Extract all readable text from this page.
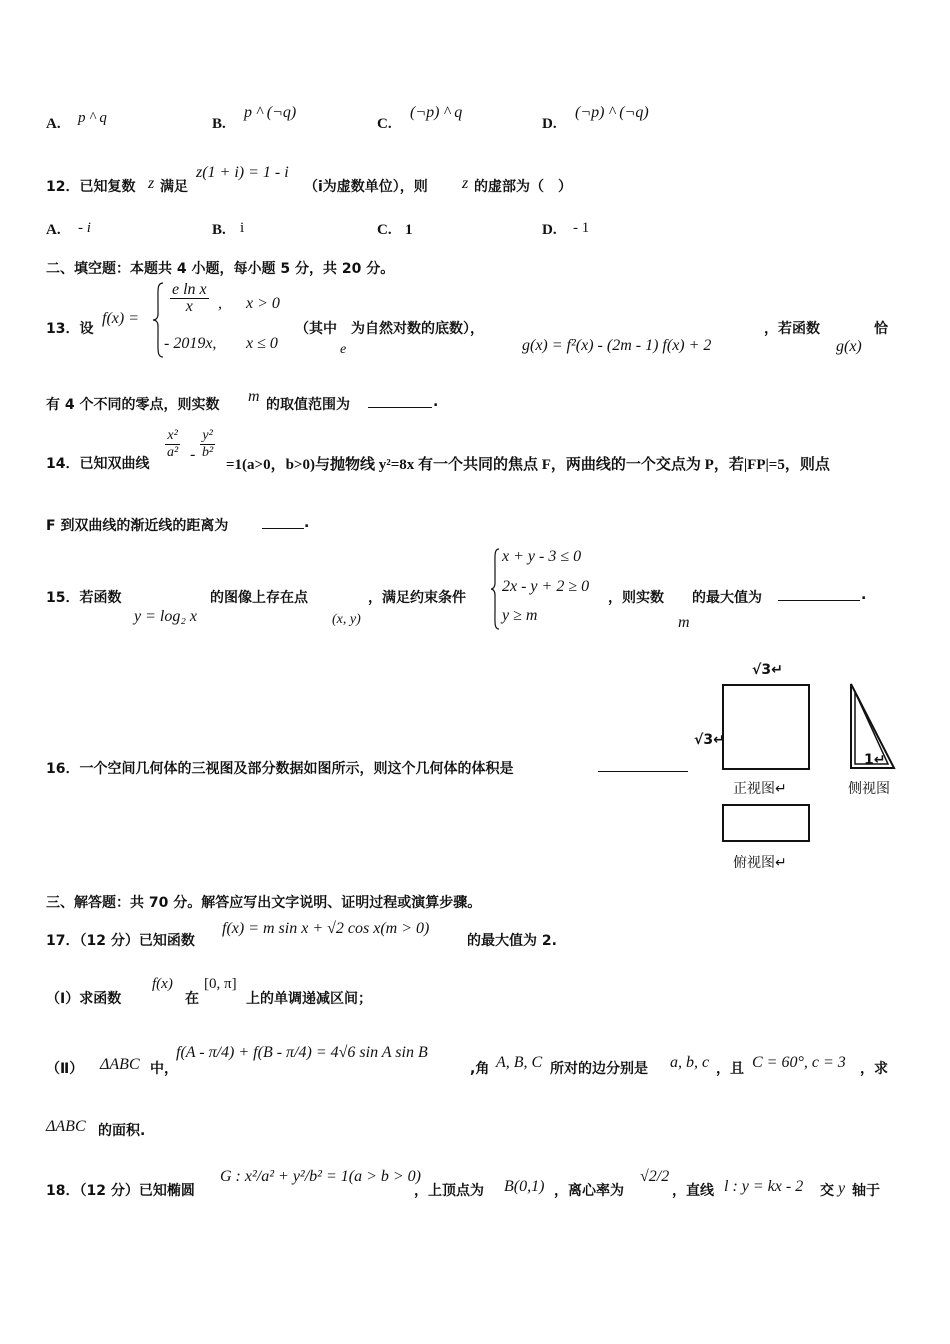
A. p ^ q	B.
p ^ (¬q)
C.
(¬p) ^ q
D.
(¬p) ^ (¬q)
12．已知复数 z 满足
z(1 + i) = 1 - i
（i为虚数单位），则 z 的虚部为（　）
A. - i	B. i	C. 1	D. - 1
二、填空题：本题共 4 小题，每小题 5 分，共 20 分。
13．设
f(x) =
$\frac{\text{e ln x}}{x}$ , x > 0
- 2019x, x ≤ 0
（其中　为自然对数的底数），
e	g(x) = f²(x) - (2m - 1) f(x) + 2
，若函数	恰
g(x)
有 4 个不同的零点，则实数 m 的取值范围为	.
14．已知双曲线
$\frac{\text{x²}}{\text{a²}} - \frac{\text{y²}}{\text{b²}}$
=1(a>0，b>0)与抛物线 y²=8x 有一个共同的焦点 F，两曲线的一个交点为 P，若|FP|=5，则点
F 到双曲线的渐近线的距离为	.
15．若函数
y = log₂ x
的图像上存在点
(x, y)
，满足约束条件
x + y - 3 ≤ 0
2x - y + 2 ≥ 0
y ≥ m
，则实数
m
的最大值为	.
16．一个空间几何体的三视图及部分数据如图所示，则这个几何体的体积是
√3↵
√3↵
正视图↵
1↵
侧视图
俯视图↵
三、解答题：共 70 分。解答应写出文字说明、证明过程或演算步骤。
17．（12 分）已知函数
f(x) = m sin x + √2 cos x(m > 0)
的最大值为 2.
（Ⅰ）求函数
f(x)
在
[0, π]
上的单调递减区间；
（Ⅱ） ΔABC 中，
f(A - π/4) + f(B - π/4) = 4√6 sin A sin B
,角 A, B, C 所对的边分别是 a, b, c ，且 C = 60°, c = 3 ，求
ΔABC 的面积.
18．（12 分）已知椭圆
G : x²/a² + y²/b² = 1(a > b > 0)
，上顶点为 B(0,1) ，离心率为
√2/2
，直线 l : y = kx - 2 交 y 轴于
